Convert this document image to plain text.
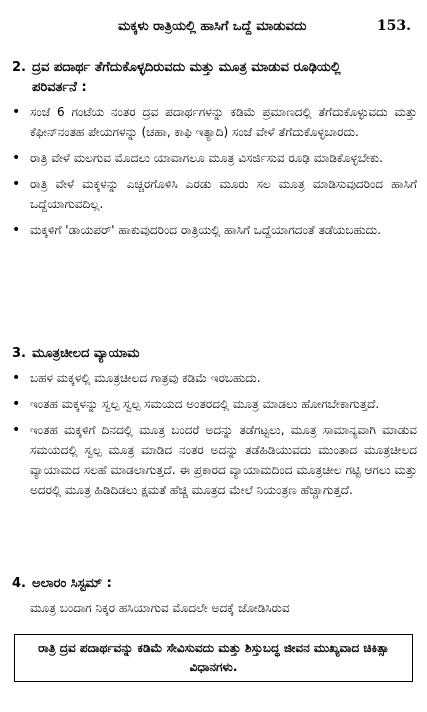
ಮಕ್ಕಳು ರಾತ್ರಿಯಲ್ಲಿ ಹಾಸಿಗೆ ಒದ್ದೆ ಮಾಡುವದು	153.
2. ದ್ರವ ಪದಾರ್ಥ ತೆಗೆದುಕೊಳ್ಳದಿರುವದು ಮತ್ತು ಮೂತ್ರ ಮಾಡುವ ರೂಢಿಯಲ್ಲಿ
ಪರಿವರ್ತನೆ :
• ಸಂಜೆ 6 ಗಂಟೆಯ ನಂತರ ದ್ರವ ಪದಾರ್ಥಗಳನ್ನು ಕಡಿಮೆ ಪ್ರಮಾಣದಲ್ಲಿ ತೆಗೆದುಕೊಳ್ಳುವದು ಮತ್ತು ಕೆಫೀನ್‌ನಂತಹ ಪೇಯಗಳನ್ನು (ಚಹಾ, ಕಾಫಿ ಇತ್ಯಾದಿ) ಸಂಜೆ ವೇಳೆ ತೆಗೆದುಕೊಳ್ಳಬಾರದು.
• ರಾತ್ರಿ ವೇಳೆ ಮಲಗುವ ಮೊದಲು ಯಾವಾಗಲೂ ಮೂತ್ರ ವಿಸರ್ಜಿಸುವ ರೂಢಿ ಮಾಡಿಕೊಳ್ಳಬೇಕು.
• ರಾತ್ರಿ ವೇಳೆ ಮಕ್ಕಳನ್ನು ಎಚ್ಚರಗೊಳಿಸಿ ಎರಡು ಮೂರು ಸಲ ಮೂತ್ರ ಮಾಡಿಸುವುದರಿಂದ ಹಾಸಿಗೆ ಒದ್ದೆಯಾಗುವದಿಲ್ಲ.
• ಮಕ್ಕಳಿಗೆ 'ಡಾಯಪರ್' ಹಾಕುವುದರಿಂದ ರಾತ್ರಿಯಲ್ಲಿ ಹಾಸಿಗೆ ಒದ್ದೆಯಾಗದಂತೆ ತಡೆಯಬಹುದು.
3. ಮೂತ್ರಚೀಲದ ವ್ಯಾಯಾಮ
• ಬಹಳ ಮಕ್ಕಳಲ್ಲಿ ಮೂತ್ರಚೀಲದ ಗಾತ್ರವು ಕಡಿಮೆ ಇರಬಹುದು.
• ಇಂತಹ ಮಕ್ಕಳನ್ನು ಸ್ವಲ್ಪ ಸ್ವಲ್ಪ ಸಮಯದ ಅಂತರದಲ್ಲಿ ಮೂತ್ರ ಮಾಡಲು ಹೋಗಬೇಕಾಗುತ್ತದೆ.
• ಇಂತಹ ಮಕ್ಕಳಿಗೆ ದಿನದಲ್ಲಿ ಮೂತ್ರ ಬಂದರೆ ಅದನ್ನು ತಡೆಗಟ್ಟಲು, ಮೂತ್ರ ಸಾಮಾನ್ಯವಾಗಿ ಮಾಡುವ ಸಮಯದಲ್ಲಿ ಸ್ವಲ್ಪ ಮೂತ್ರ ಮಾಡಿದ ನಂತರ ಅದನ್ನು ತಡೆಹಿಡಿಯುವದು ಮುಂತಾದ ಮೂತ್ರಚೀಲದ ವ್ಯಾಯಾಮದ ಸಲಹೆ ಮಾಡಲಾಗುತ್ತದೆ. ಈ ಪ್ರಕಾರದ ವ್ಯಾಯಾಮದಿಂದ ಮೂತ್ರಚೀಲ ಗಟ್ಟಿ ಆಗಲು ಮತ್ತು ಅದರಲ್ಲಿ ಮೂತ್ರ ಹಿಡಿದಿಡಲು ಕ್ಷಮತೆ ಹೆಚ್ಚಿ ಮೂತ್ರದ ಮೇಲೆ ನಿಯಂತ್ರಣ ಹೆಚ್ಚಾಗುತ್ತದೆ.
4. ಅಲಾರಂ ಸಿಸ್ಟಮ್ :
ಮೂತ್ರ ಬಂದಾಗ ನಿಕ್ಕರ ಹಸಿಯಾಗುವ ಮೊದಲೇ ಅದಕ್ಕೆ ಜೋಡಿಸಿರುವ
ರಾತ್ರಿ ದ್ರವ ಪದಾರ್ಥವನ್ನು ಕಡಿಮೆ ಸೇವಿಸುವದು ಮತ್ತು ಶಿಸ್ತುಬದ್ಧ ಜೀವನ ಮುಖ್ಯವಾದ ಚಿಕಿತ್ಸಾ ವಿಧಾನಗಳು.
